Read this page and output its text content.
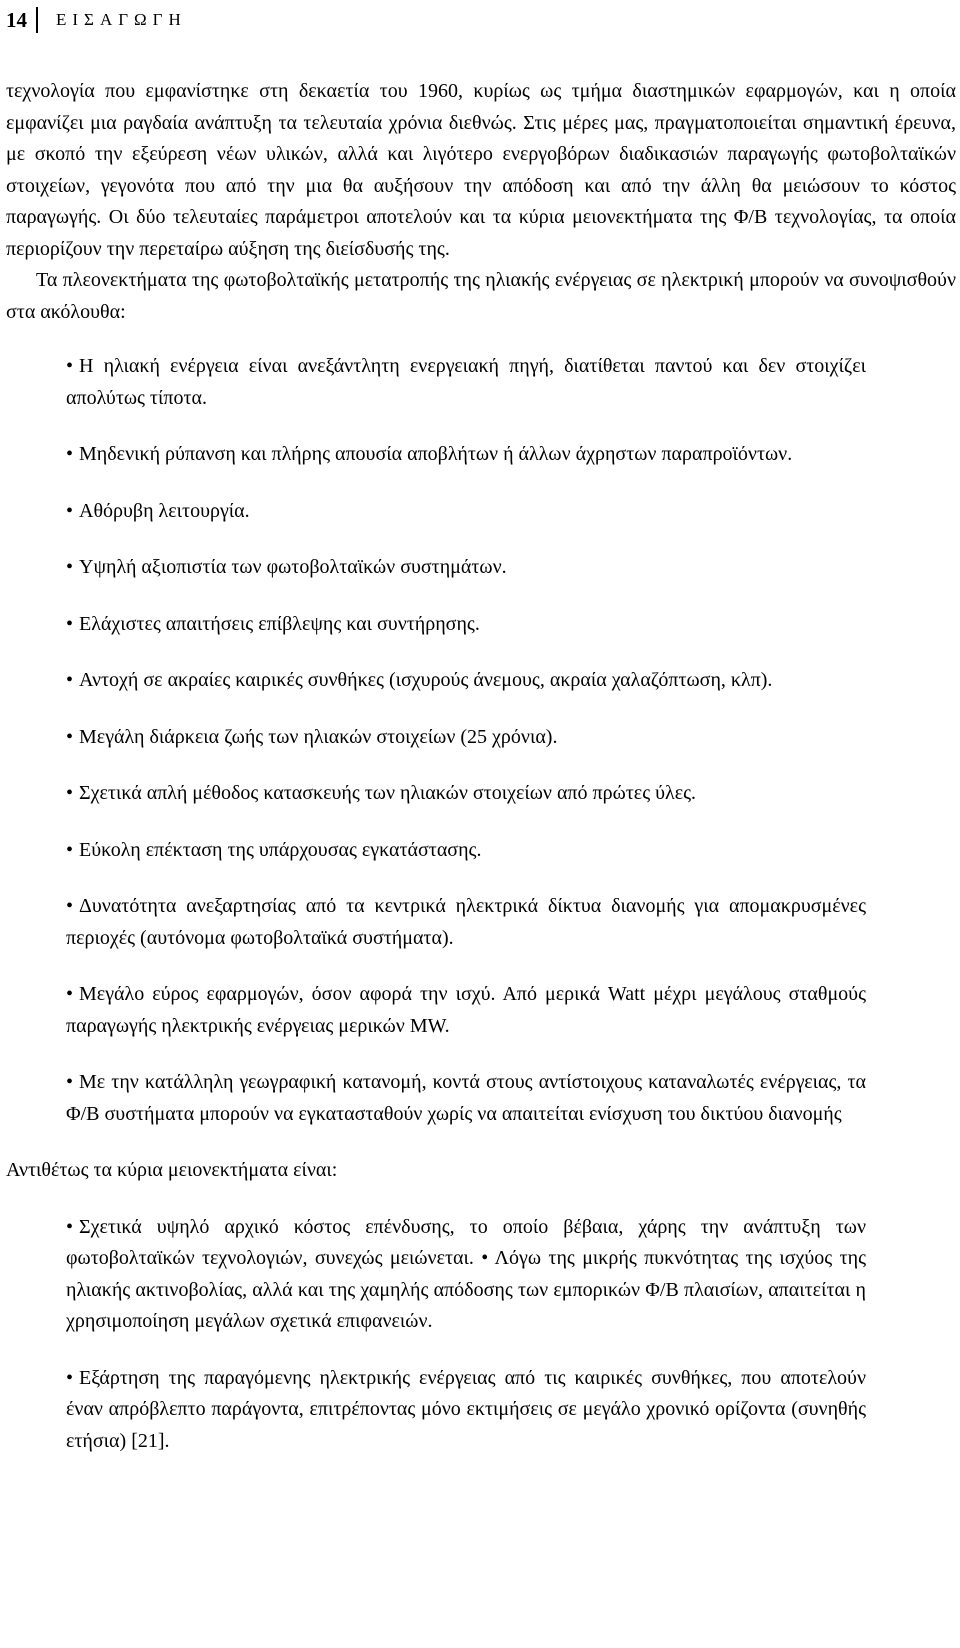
14	ΕΙΣΑΓΩΓΗ

τεχνολογία που εμφανίστηκε στη δεκαετία του 1960, κυρίως ως τμήμα διαστημικών εφαρμογών, και η οποία εμφανίζει μια ραγδαία ανάπτυξη τα τελευταία χρόνια διεθνώς. Στις μέρες μας, πραγματοποιείται σημαντική έρευνα, με σκοπό την εξεύρεση νέων υλικών, αλλά και λιγότερο ενεργοβόρων διαδικασιών παραγωγής φωτοβολταϊκών στοιχείων, γεγονότα που από την μια θα αυξήσουν την απόδοση και από την άλλη θα μειώσουν το κόστος παραγωγής. Οι δύο τελευταίες παράμετροι αποτελούν και τα κύρια μειονεκτήματα της Φ/Β τεχνολογίας, τα οποία περιορίζουν την περεταίρω αύξηση της διείσδυσής της.

Τα πλεονεκτήματα της φωτοβολταϊκής μετατροπής της ηλιακής ενέργειας σε ηλεκτρική μπορούν να συνοψισθούν στα ακόλουθα:

• Η ηλιακή ενέργεια είναι ανεξάντλητη ενεργειακή πηγή, διατίθεται παντού και δεν στοιχίζει απολύτως τίποτα.
• Μηδενική ρύπανση και πλήρης απουσία αποβλήτων ή άλλων άχρηστων παραπροϊόντων.
• Αθόρυβη λειτουργία.
• Υψηλή αξιοπιστία των φωτοβολταϊκών συστημάτων.
• Ελάχιστες απαιτήσεις επίβλεψης και συντήρησης.
• Αντοχή σε ακραίες καιρικές συνθήκες (ισχυρούς άνεμους, ακραία χαλαζόπτωση, κλπ).
• Μεγάλη διάρκεια ζωής των ηλιακών στοιχείων (25 χρόνια).
• Σχετικά απλή μέθοδος κατασκευής των ηλιακών στοιχείων από πρώτες ύλες.
• Εύκολη επέκταση της υπάρχουσας εγκατάστασης.
• Δυνατότητα ανεξαρτησίας από τα κεντρικά ηλεκτρικά δίκτυα διανομής για απομακρυσμένες περιοχές (αυτόνομα φωτοβολταϊκά συστήματα).
• Μεγάλο εύρος εφαρμογών, όσον αφορά την ισχύ. Από μερικά Watt μέχρι μεγάλους σταθμούς παραγωγής ηλεκτρικής ενέργειας μερικών MW.
• Με την κατάλληλη γεωγραφική κατανομή, κοντά στους αντίστοιχους καταναλωτές ενέργειας, τα Φ/Β συστήματα μπορούν να εγκατασταθούν χωρίς να απαιτείται ενίσχυση του δικτύου διανομής

Αντιθέτως τα κύρια μειονεκτήματα είναι:

• Σχετικά υψηλό αρχικό κόστος επένδυσης, το οποίο βέβαια, χάρης την ανάπτυξη των φωτοβολταϊκών τεχνολογιών, συνεχώς μειώνεται. • Λόγω της μικρής πυκνότητας της ισχύος της ηλιακής ακτινοβολίας, αλλά και της χαμηλής απόδοσης των εμπορικών Φ/Β πλαισίων, απαιτείται η χρησιμοποίηση μεγάλων σχετικά επιφανειών.
• Εξάρτηση της παραγόμενης ηλεκτρικής ενέργειας από τις καιρικές συνθήκες, που αποτελούν έναν απρόβλεπτο παράγοντα, επιτρέποντας μόνο εκτιμήσεις σε μεγάλο χρονικό ορίζοντα (συνηθής ετήσια) [21].
